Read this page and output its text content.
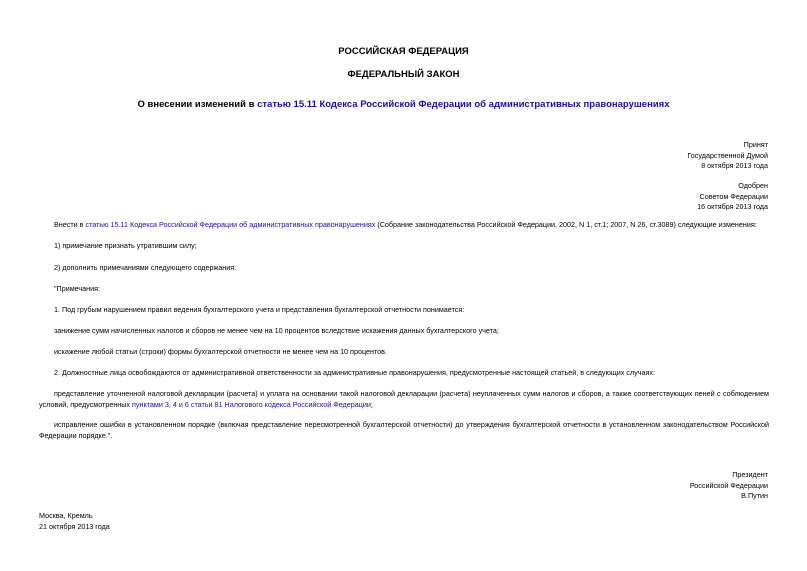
РОССИЙСКАЯ ФЕДЕРАЦИЯ
ФЕДЕРАЛЬНЫЙ ЗАКОН
О внесении изменений в статью 15.11 Кодекса Российской Федерации об административных правонарушениях
Принят
Государственной Думой
8 октября 2013 года
Одобрен
Советом Федерации
16 октября 2013 года
Внести в статью 15.11 Кодекса Российской Федерации об административных правонарушениях (Собрание законодательства Российской Федерации, 2002, N 1, ст.1; 2007, N 26, ст.3089) следующие изменения:
1) примечание признать утратившим силу;
2) дополнить примечаниями следующего содержания:
"Примечания:
1. Под грубым нарушением правил ведения бухгалтерского учета и представления бухгалтерской отчетности понимается:
занижение сумм начисленных налогов и сборов не менее чем на 10 процентов вследствие искажения данных бухгалтерского учета;
искажение любой статьи (строки) формы бухгалтерской отчетности не менее чем на 10 процентов.
2. Должностные лица освобождаются от административной ответственности за административные правонарушения, предусмотренные настоящей статьей, в следующих случаях:
представление уточненной налоговой декларации (расчета) и уплата на основании такой налоговой декларации (расчета) неуплаченных сумм налогов и сборов, а также соответствующих пеней с соблюдением условий, предусмотренных пунктами 3, 4 и 6 статьи 81 Налогового кодекса Российской Федерации;
исправление ошибки в установленном порядке (включая представление пересмотренной бухгалтерской отчетности) до утверждения бухгалтерской отчетности в установленном законодательством Российской Федерации порядке.".
Президент
Российской Федерации
В.Путин
Москва, Кремль
21 октября 2013 года
